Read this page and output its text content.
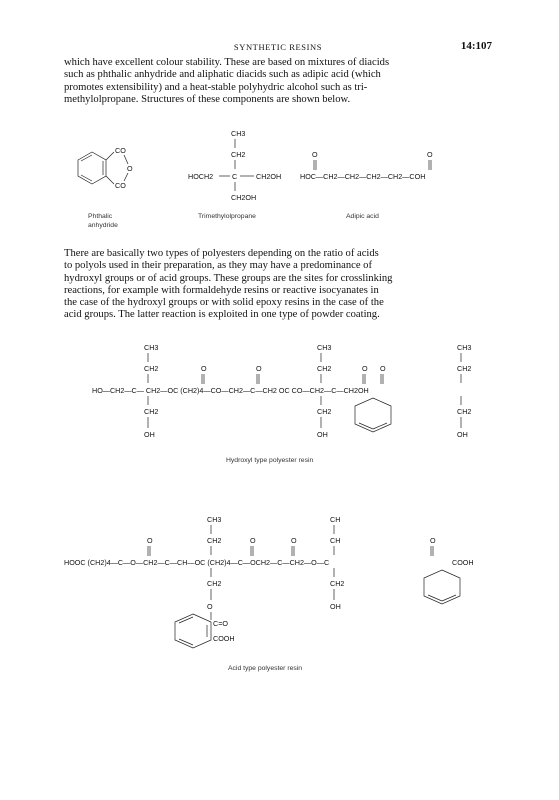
SYNTHETIC RESINS	14:107

which have excellent colour stability. These are based on mixtures of diacids
such as phthalic anhydride and aliphatic diacids such as adipic acid (which
promotes extensibility) and a heat-stable polyhydric alcohol such as tri-
methylolpropane. Structures of these components are shown below.

CO
O
CO
Phthalic
anhydride
CH3
CH2
HOCH2	C	CH2OH
CH2OH
Trimethylolpropane
O	O
HOC—CH2—CH2—CH2—CH2—COH
Adipic acid

There are basically two types of polyesters depending on the ratio of acids
to polyols used in their preparation, as they may have a predominance of
hydroxyl groups or of acid groups. These groups are the sites for crosslinking
reactions, for example with formaldehyde resins or reactive isocyanates in
the case of the hydroxyl groups or with solid epoxy resins in the case of the
acid groups. The latter reaction is exploited in one type of powder coating.

CH3	CH3	CH3
CH2	CH2	CH2
O	O	O O
HO—CH2—C— CH2—OC (CH2)4—CO—CH2—C—CH2 OC CO—CH2—C—CH2OH
CH2	CH2	CH2
OH	OH	OH
Hydroxyl type polyester resin
CH3	CH
CH2	CH
O	O	O	O
HOOC (CH2)4—C—O—CH2—C—CH—OC (CH2)4—C—OCH2—C—CH2—O—C	COOH
CH2	CH2
O	OH
C=O
COOH
Acid type polyester resin
